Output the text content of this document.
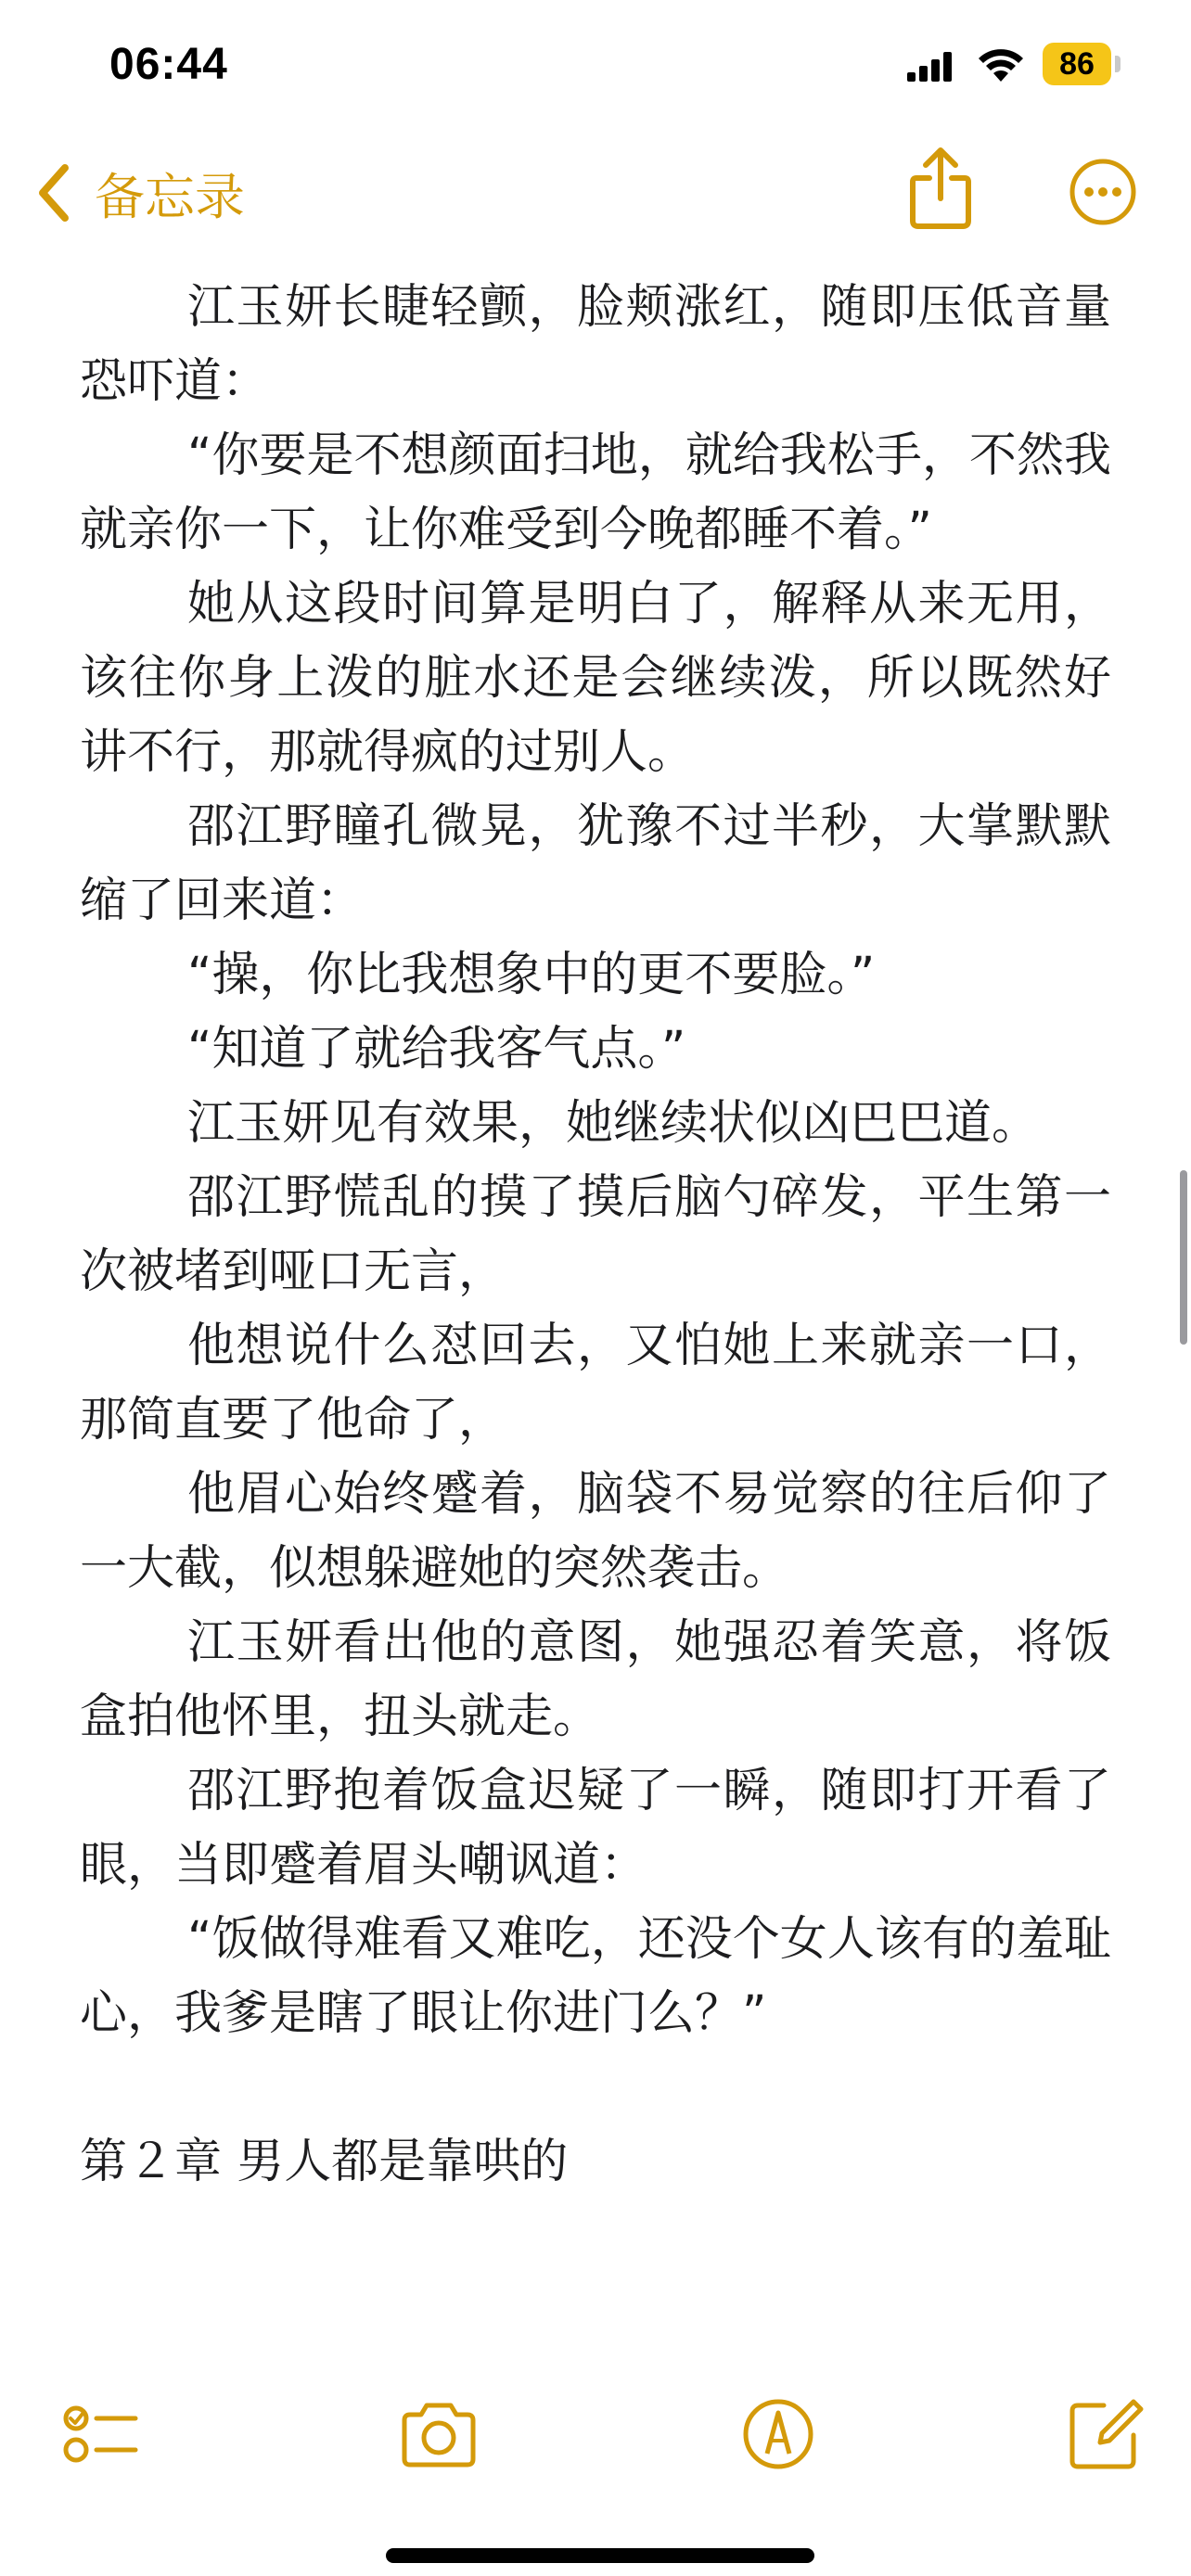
06:44	86
备忘录

江玉妍长睫轻颤，脸颊涨红，随即压低音量恐吓道：

“你要是不想颜面扫地，就给我松手，不然我就亲你一下，让你难受到今晚都睡不着。”

她从这段时间算是明白了，解释从来无用，该往你身上泼的脏水还是会继续泼，所以既然好讲不行，那就得疯的过别人。

邵江野瞳孔微晃，犹豫不过半秒，大掌默默缩了回来道：

“操，你比我想象中的更不要脸。”

“知道了就给我客气点。”

江玉妍见有效果，她继续状似凶巴巴道。

邵江野慌乱的摸了摸后脑勺碎发，平生第一次被堵到哑口无言，

他想说什么怼回去，又怕她上来就亲一口，那简直要了他命了，

他眉心始终蹙着，脑袋不易觉察的往后仰了一大截，似想躲避她的突然袭击。

江玉妍看出他的意图，她强忍着笑意，将饭盒拍他怀里，扭头就走。

邵江野抱着饭盒迟疑了一瞬，随即打开看了眼，当即蹙着眉头嘲讽道：

“饭做得难看又难吃，还没个女人该有的羞耻心，我爹是瞎了眼让你进门么？”

第２章 男人都是靠哄的
